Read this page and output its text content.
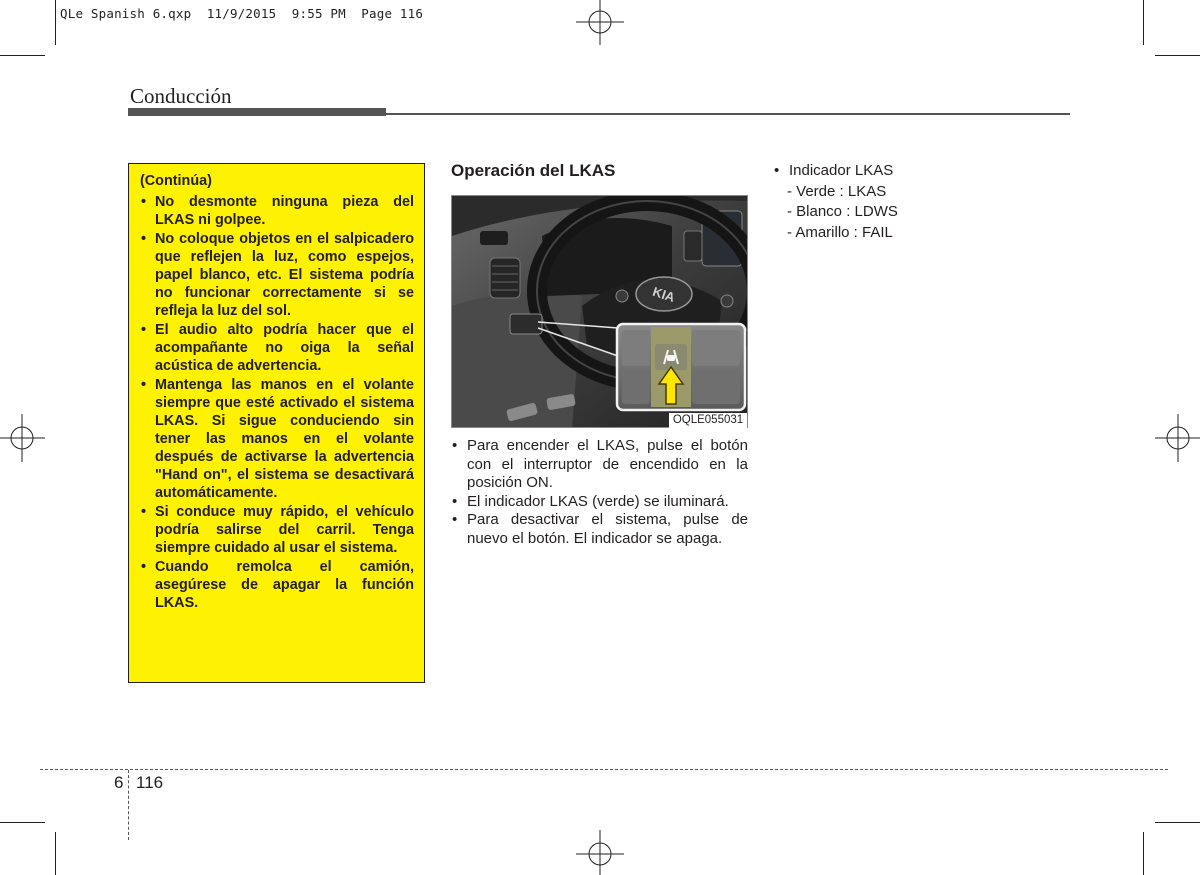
QLe Spanish 6.qxp  11/9/2015  9:55 PM  Page 116
Conducción
(Continúa)
• No desmonte ninguna pieza del LKAS ni golpee.
• No coloque objetos en el salpicadero que reflejen la luz, como espejos, papel blanco, etc. El sistema podría no funcionar correctamente si se refleja la luz del sol.
• El audio alto podría hacer que el acompañante no oiga la señal acústica de advertencia.
• Mantenga las manos en el volante siempre que esté activado el sistema LKAS. Si sigue conduciendo sin tener las manos en el volante después de activarse la advertencia "Hand on", el sistema se desactivará automáticamente.
• Si conduce muy rápido, el vehículo podría salirse del carril. Tenga siempre cuidado al usar el sistema.
• Cuando remolca el camión, asegúrese de apagar la función LKAS.
Operación del LKAS
KIA
OQLE055031
• Para encender el LKAS, pulse el botón con el interruptor de encendido en la posición ON.
• El indicador LKAS (verde) se iluminará.
• Para desactivar el sistema, pulse de nuevo el botón. El indicador se apaga.
• Indicador LKAS
- Verde : LKAS
- Blanco : LDWS
- Amarillo : FAIL
6 116
